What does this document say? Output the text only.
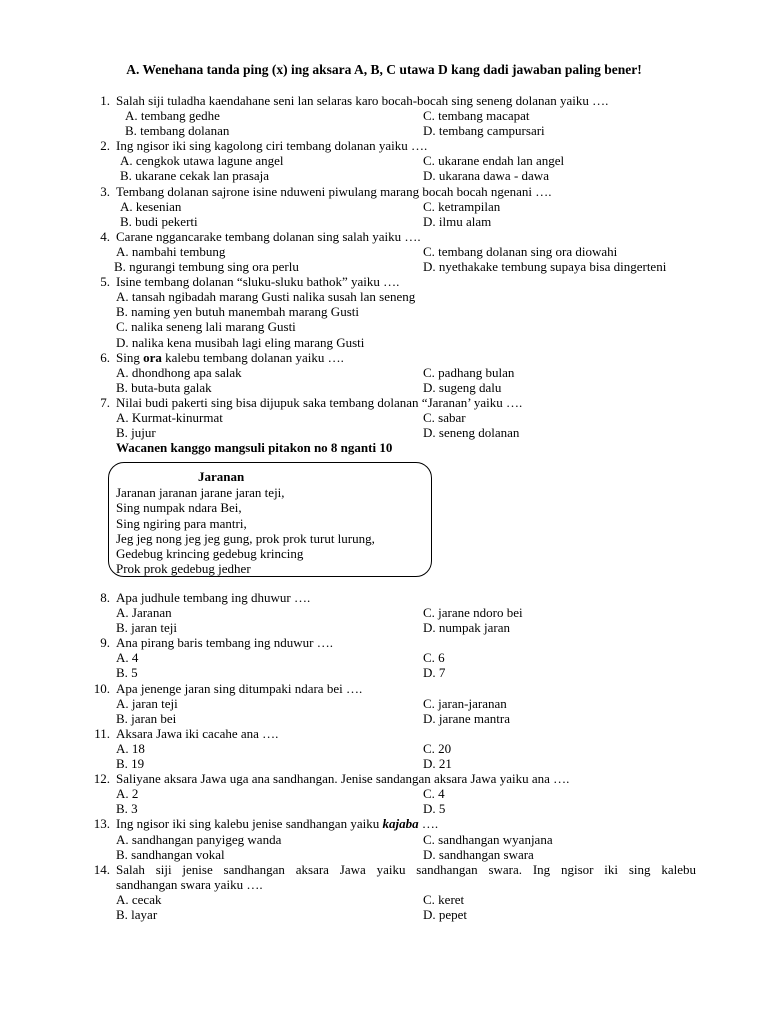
A. Wenehana tanda ping (x) ing aksara A, B, C utawa D kang dadi jawaban paling bener!
1. Salah siji tuladha kaendahane seni lan selaras karo bocah-bocah sing seneng dolanan yaiku ….
A. tembang gedhe	C. tembang macapat
B. tembang dolanan	D. tembang campursari
2. Ing ngisor iki sing kagolong ciri tembang dolanan yaiku ….
A. cengkok utawa lagune angel	C. ukarane endah lan angel
B. ukarane cekak lan prasaja	D. ukarana dawa - dawa
3. Tembang dolanan sajrone isine nduweni piwulang marang bocah bocah ngenani ….
A. kesenian	C. ketrampilan
B. budi pekerti	D. ilmu alam
4. Carane nggancarake tembang dolanan sing salah yaiku ….
A. nambahi tembung	C. tembang dolanan sing ora diowahi
B. ngurangi tembung sing ora perlu	D. nyethakake tembung supaya bisa dingerteni
5. Isine tembang dolanan “sluku-sluku bathok” yaiku ….
A. tansah ngibadah marang Gusti nalika susah lan seneng
B. naming yen butuh manembah marang Gusti
C. nalika seneng lali marang Gusti
D. nalika kena musibah lagi eling marang Gusti
6. Sing ora kalebu tembang dolanan yaiku ….
A. dhondhong apa salak	C. padhang bulan
B. buta-buta galak	D. sugeng dalu
7. Nilai budi pakerti sing bisa dijupuk saka tembang dolanan “Jaranan’ yaiku ….
A. Kurmat-kinurmat	C. sabar
B. jujur	D. seneng dolanan
Wacanen kanggo mangsuli pitakon no 8 nganti 10
Jaranan
Jaranan jaranan jarane jaran teji,
Sing numpak ndara Bei,
Sing ngiring para mantri,
Jeg jeg nong jeg jeg gung, prok prok turut lurung,
Gedebug krincing gedebug krincing
Prok prok gedebug jedher
8. Apa judhule tembang ing dhuwur ….
A. Jaranan	C. jarane ndoro bei
B. jaran teji	D. numpak jaran
9. Ana pirang baris tembang ing nduwur ….
A. 4	C. 6
B. 5	D. 7
10. Apa jenenge jaran sing ditumpaki ndara bei ….
A. jaran teji	C. jaran-jaranan
B. jaran bei	D. jarane mantra
11. Aksara Jawa iki cacahe ana ….
A. 18	C. 20
B. 19	D. 21
12. Saliyane aksara Jawa uga ana sandhangan. Jenise sandangan aksara Jawa yaiku ana ….
A. 2	C. 4
B. 3	D. 5
13. Ing ngisor iki sing kalebu jenise sandhangan yaiku kajaba ….
A. sandhangan panyigeg wanda	C. sandhangan wyanjana
B. sandhangan vokal	D. sandhangan swara
14. Salah siji jenise sandhangan aksara Jawa yaiku sandhangan swara. Ing ngisor iki sing kalebu
sandhangan swara yaiku ….
A. cecak	C. keret
B. layar	D. pepet
